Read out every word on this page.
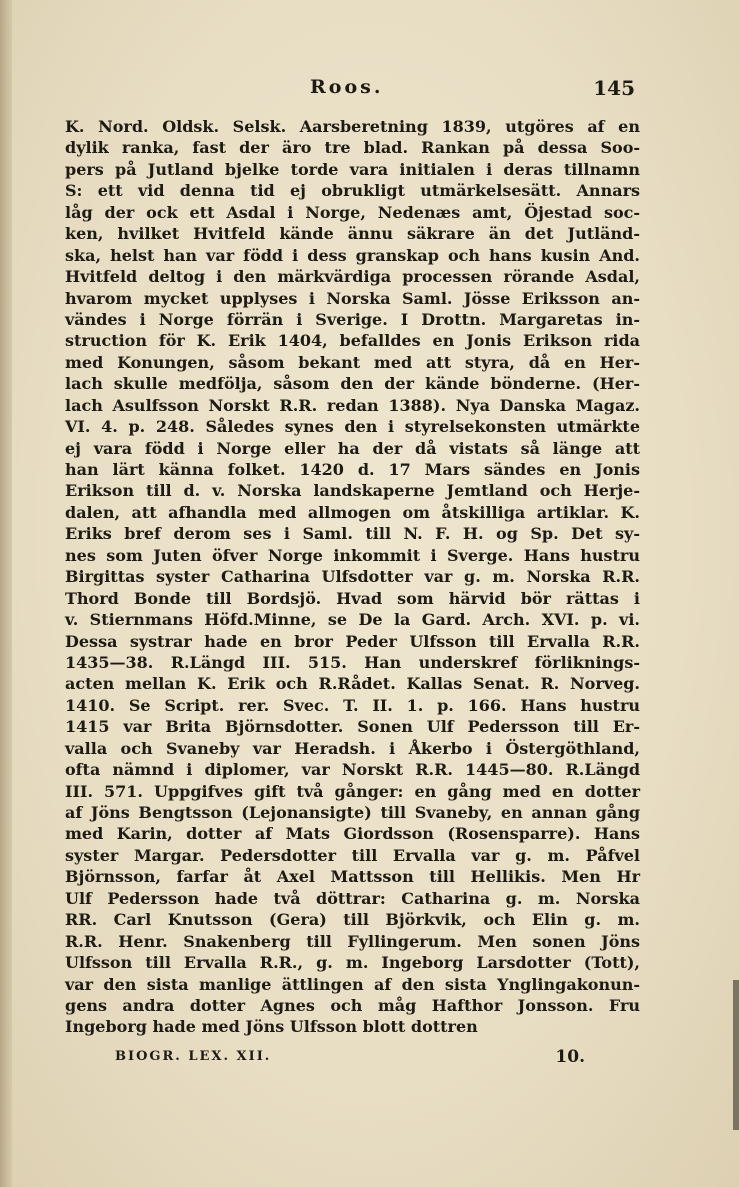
Roos.	145
K. Nord. Oldsk. Selsk. Aarsberetning 1839, utgöres af en
dylik ranka, fast der äro tre blad. Rankan på dessa Soo-
pers på Jutland bjelke torde vara initialen i deras tillnamn
S: ett vid denna tid ej obrukligt utmärkelsesätt. Annars
låg der ock ett Asdal i Norge, Nedenæs amt, Öjestad soc-
ken, hvilket Hvitfeld kände ännu säkrare än det Jutländ-
ska, helst han var född i dess granskap och hans kusin And.
Hvitfeld deltog i den märkvärdiga processen rörande Asdal,
hvarom mycket upplyses i Norska Saml. Jösse Eriksson an-
vändes i Norge förrän i Sverige. I Drottn. Margaretas in-
struction för K. Erik 1404, befalldes en Jonis Erikson rida
med Konungen, såsom bekant med att styra, då en Her-
lach skulle medfölja, såsom den der kände bönderne. (Her-
lach Asulfsson Norskt R.R. redan 1388). Nya Danska Magaz.
VI. 4. p. 248. Således synes den i styrelsekonsten utmärkte
ej vara född i Norge eller ha der då vistats så länge att
han lärt känna folket. 1420 d. 17 Mars sändes en Jonis
Erikson till d. v. Norska landskaperne Jemtland och Herje-
dalen, att afhandla med allmogen om åtskilliga artiklar. K.
Eriks bref derom ses i Saml. till N. F. H. og Sp. Det sy-
nes som Juten öfver Norge inkommit i Sverge. Hans hustru
Birgittas syster Catharina Ulfsdotter var g. m. Norska R.R.
Thord Bonde till Bordsjö. Hvad som härvid bör rättas i
v. Stiernmans Höfd.Minne, se De la Gard. Arch. XVI. p. vi.
Dessa systrar hade en bror Peder Ulfsson till Ervalla R.R.
1435—38. R.Längd III. 515. Han underskref förliknings-
acten mellan K. Erik och R.Rådet. Kallas Senat. R. Norveg.
1410. Se Script. rer. Svec. T. II. 1. p. 166. Hans hustru
1415 var Brita Björnsdotter. Sonen Ulf Pedersson till Er-
valla och Svaneby var Heradsh. i Åkerbo i Östergöthland,
ofta nämnd i diplomer, var Norskt R.R. 1445—80. R.Längd
III. 571. Uppgifves gift två gånger: en gång med en dotter
af Jöns Bengtsson (Lejonansigte) till Svaneby, en annan gång
med Karin, dotter af Mats Giordsson (Rosensparre). Hans
syster Margar. Pedersdotter till Ervalla var g. m. Påfvel
Björnsson, farfar åt Axel Mattsson till Hellikis. Men Hr
Ulf Pedersson hade två döttrar: Catharina g. m. Norska
RR. Carl Knutsson (Gera) till Björkvik, och Elin g. m.
R.R. Henr. Snakenberg till Fyllingerum. Men sonen Jöns
Ulfsson till Ervalla R.R., g. m. Ingeborg Larsdotter (Tott),
var den sista manlige ättlingen af den sista Ynglingakonun-
gens andra dotter Agnes och måg Hafthor Jonsson. Fru
Ingeborg hade med Jöns Ulfsson blott dottren
BIOGR. LEX. XII.	10.
